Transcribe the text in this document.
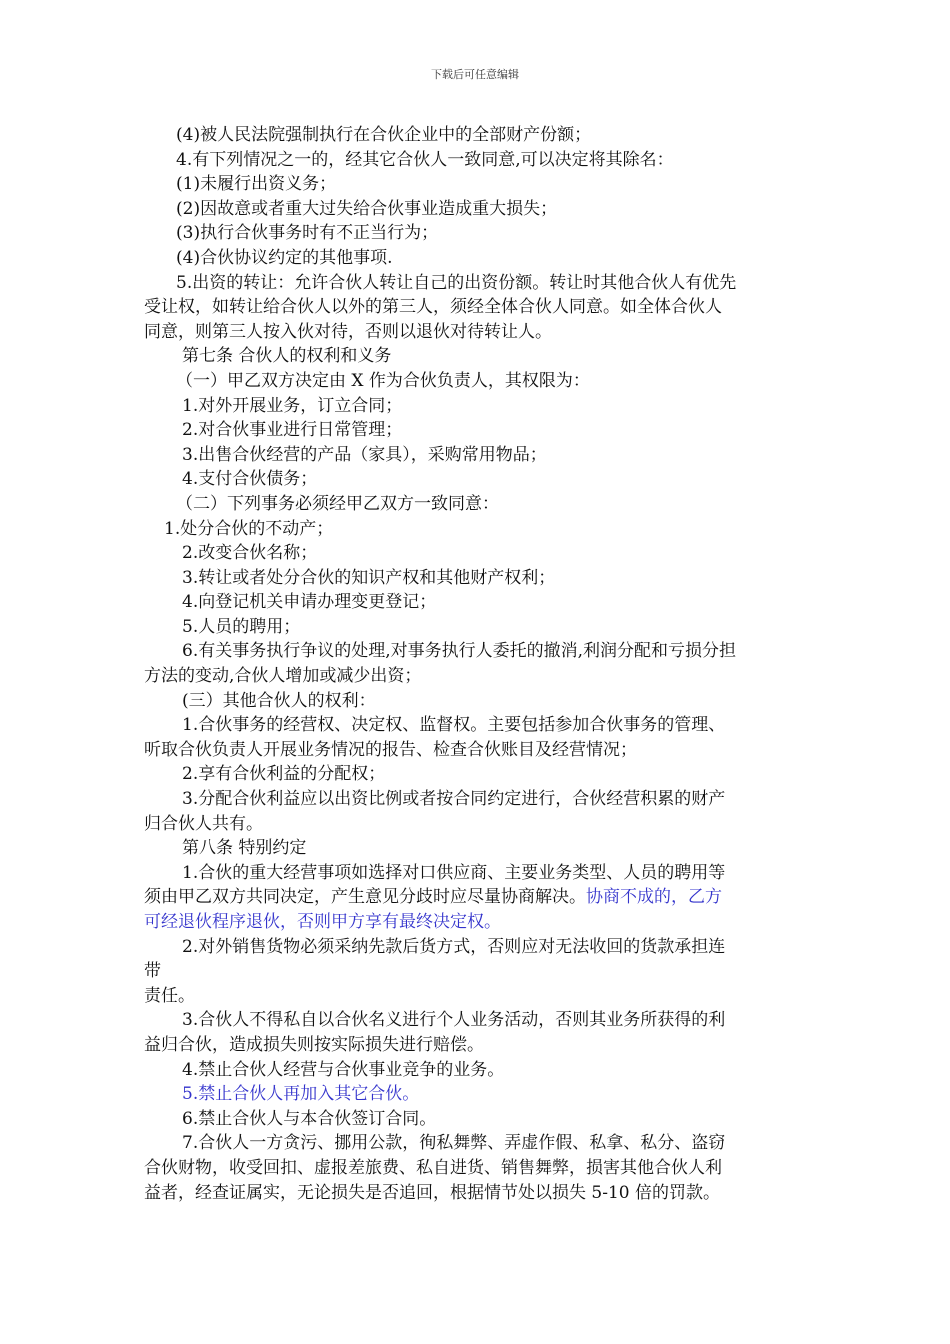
下载后可任意编辑
(4)被人民法院强制执行在合伙企业中的全部财产份额；
4.有下列情况之一的，经其它合伙人一致同意,可以决定将其除名：
(1)未履行出资义务；
(2)因故意或者重大过失给合伙事业造成重大损失；
(3)执行合伙事务时有不正当行为；
(4)合伙协议约定的其他事项.
5.出资的转让：允许合伙人转让自己的出资份额。转让时其他合伙人有优先
受让权，如转让给合伙人以外的第三人，须经全体合伙人同意。如全体合伙人
同意，则第三人按入伙对待，否则以退伙对待转让人。
第七条 合伙人的权利和义务
（一）甲乙双方决定由 X 作为合伙负责人，其权限为：
1.对外开展业务，订立合同；
2.对合伙事业进行日常管理；
3.出售合伙经营的产品（家具），采购常用物品；
4.支付合伙债务；
（二）下列事务必须经甲乙双方一致同意：
1.处分合伙的不动产；
2.改变合伙名称；
3.转让或者处分合伙的知识产权和其他财产权利；
4.向登记机关申请办理变更登记；
5.人员的聘用；
6.有关事务执行争议的处理,对事务执行人委托的撤消,利润分配和亏损分担
方法的变动,合伙人增加或减少出资；
(三）其他合伙人的权利：
1.合伙事务的经营权、决定权、监督权。主要包括参加合伙事务的管理、
听取合伙负责人开展业务情况的报告、检查合伙账目及经营情况；
2.享有合伙利益的分配权；
3.分配合伙利益应以出资比例或者按合同约定进行，合伙经营积累的财产
归合伙人共有。
第八条 特别约定
1.合伙的重大经营事项如选择对口供应商、主要业务类型、人员的聘用等
须由甲乙双方共同决定，产生意见分歧时应尽量协商解决。协商不成的，乙方
可经退伙程序退伙，否则甲方享有最终决定权。
2.对外销售货物必须采纳先款后货方式，否则应对无法收回的货款承担连
带
责任。
3.合伙人不得私自以合伙名义进行个人业务活动，否则其业务所获得的利
益归合伙，造成损失则按实际损失进行赔偿。
4.禁止合伙人经营与合伙事业竞争的业务。
5.禁止合伙人再加入其它合伙。
6.禁止合伙人与本合伙签订合同。
7.合伙人一方贪污、挪用公款，徇私舞弊、弄虚作假、私拿、私分、盗窃
合伙财物，收受回扣、虚报差旅费、私自进货、销售舞弊，损害其他合伙人利
益者，经查证属实，无论损失是否追回，根据情节处以损失 5-10 倍的罚款。
